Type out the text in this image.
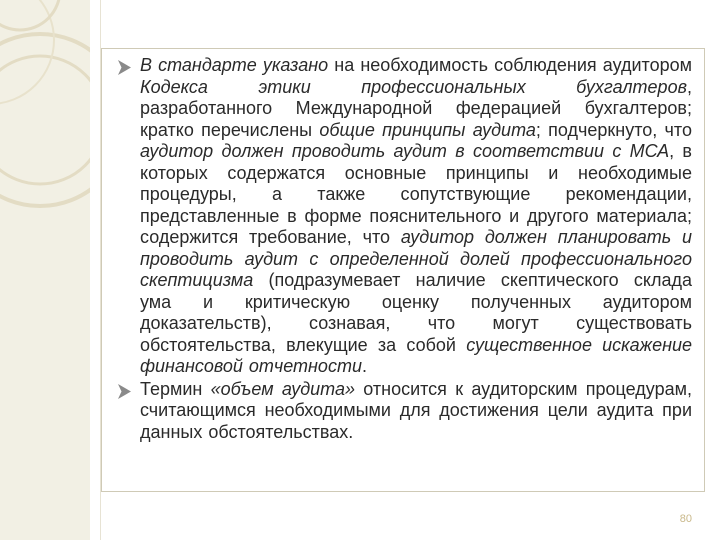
В стандарте указано на необходимость соблюдения аудитором Кодекса этики профессиональных бухгалтеров, разработанного Международной федерацией бухгалтеров; кратко перечислены общие принципы аудита; подчеркнуто, что аудитор должен проводить аудит в соответствии с МСА, в которых содержатся основные принципы и необходимые процедуры, а также сопутствующие рекомендации, представленные в форме пояснительного и другого материала; содержится требование, что аудитор должен планировать и проводить аудит с определенной долей профессионального скептицизма (подразумевает наличие скептического склада ума и критическую оценку полученных аудитором доказательств), сознавая, что могут существовать обстоятельства, влекущие за собой существенное искажение финансовой отчетности.
Термин «объем аудита» относится к аудиторским процедурам, считающимся необходимыми для достижения цели аудита при данных обстоятельствах.
80
